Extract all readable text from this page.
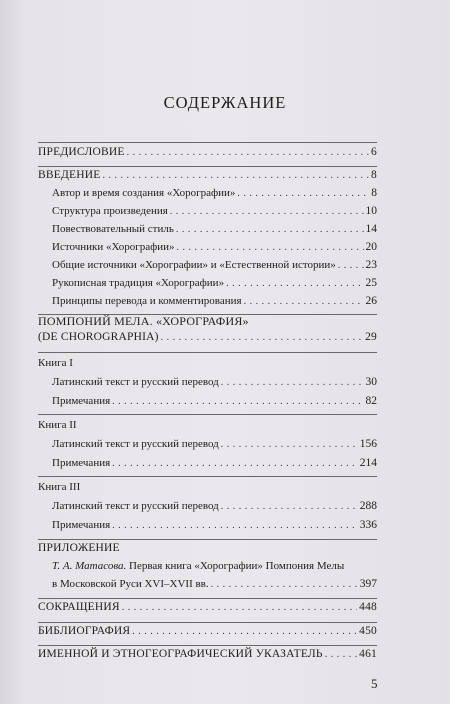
СОДЕРЖАНИЕ
ПРЕДИСЛОВИЕ . . .	6
ВВЕДЕНИЕ . . .	8
Автор и время создания «Хорографии» . . .	8
Структура произведения . . .	10
Повествовательный стиль . . .	14
Источники «Хорографии» . . .	20
Общие источники «Хорографии» и «Естественной истории» . . .	23
Рукописная традиция «Хорографии» . . .	25
Принципы перевода и комментирования . . .	26
ПОМПОНИЙ МЕЛА. «ХОРОГРАФИЯ»
(DE CHOROGRAPHIA) . . .	29
Книга I
Латинский текст и русский перевод . . .	30
Примечания . . .	82
Книга II
Латинский текст и русский перевод . . .	156
Примечания . . .	214
Книга III
Латинский текст и русский перевод . . .	288
Примечания . . .	336
ПРИЛОЖЕНИЕ
Т. А. Матасова. Первая книга «Хорографии» Помпония Мелы
в Московской Руси XVI–XVII вв. . . .	397
СОКРАЩЕНИЯ . . .	448
БИБЛИОГРАФИЯ . . .	450
ИМЕННОЙ И ЭТНОГЕОГРАФИЧЕСКИЙ УКАЗАТЕЛЬ . . .	461
5
